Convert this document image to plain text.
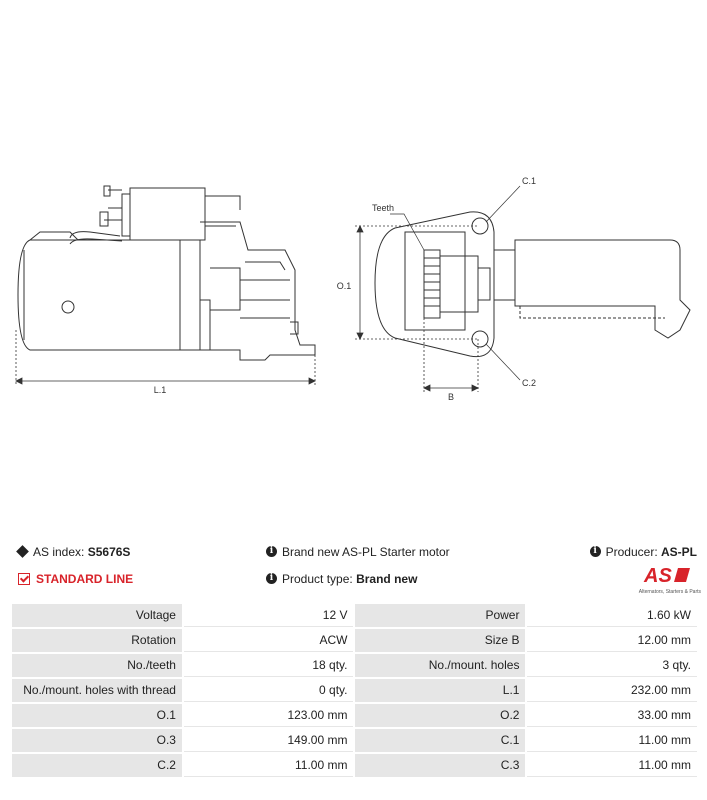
L.1
O.1
B
Teeth
C.1
C.2
AS index: S5676S	i Brand new AS-PL Starter motor	i Producer: AS-PL
STANDARD LINE	i Product type: Brand new	AS
Alternators, Starters & Parts
Voltage	12 V	Power	1.60 kW
Rotation	ACW	Size B	12.00 mm
No./teeth	18 qty.	No./mount. holes	3 qty.
No./mount. holes with thread	0 qty.	L.1	232.00 mm
O.1	123.00 mm	O.2	33.00 mm
O.3	149.00 mm	C.1	11.00 mm
C.2	11.00 mm	C.3	11.00 mm
